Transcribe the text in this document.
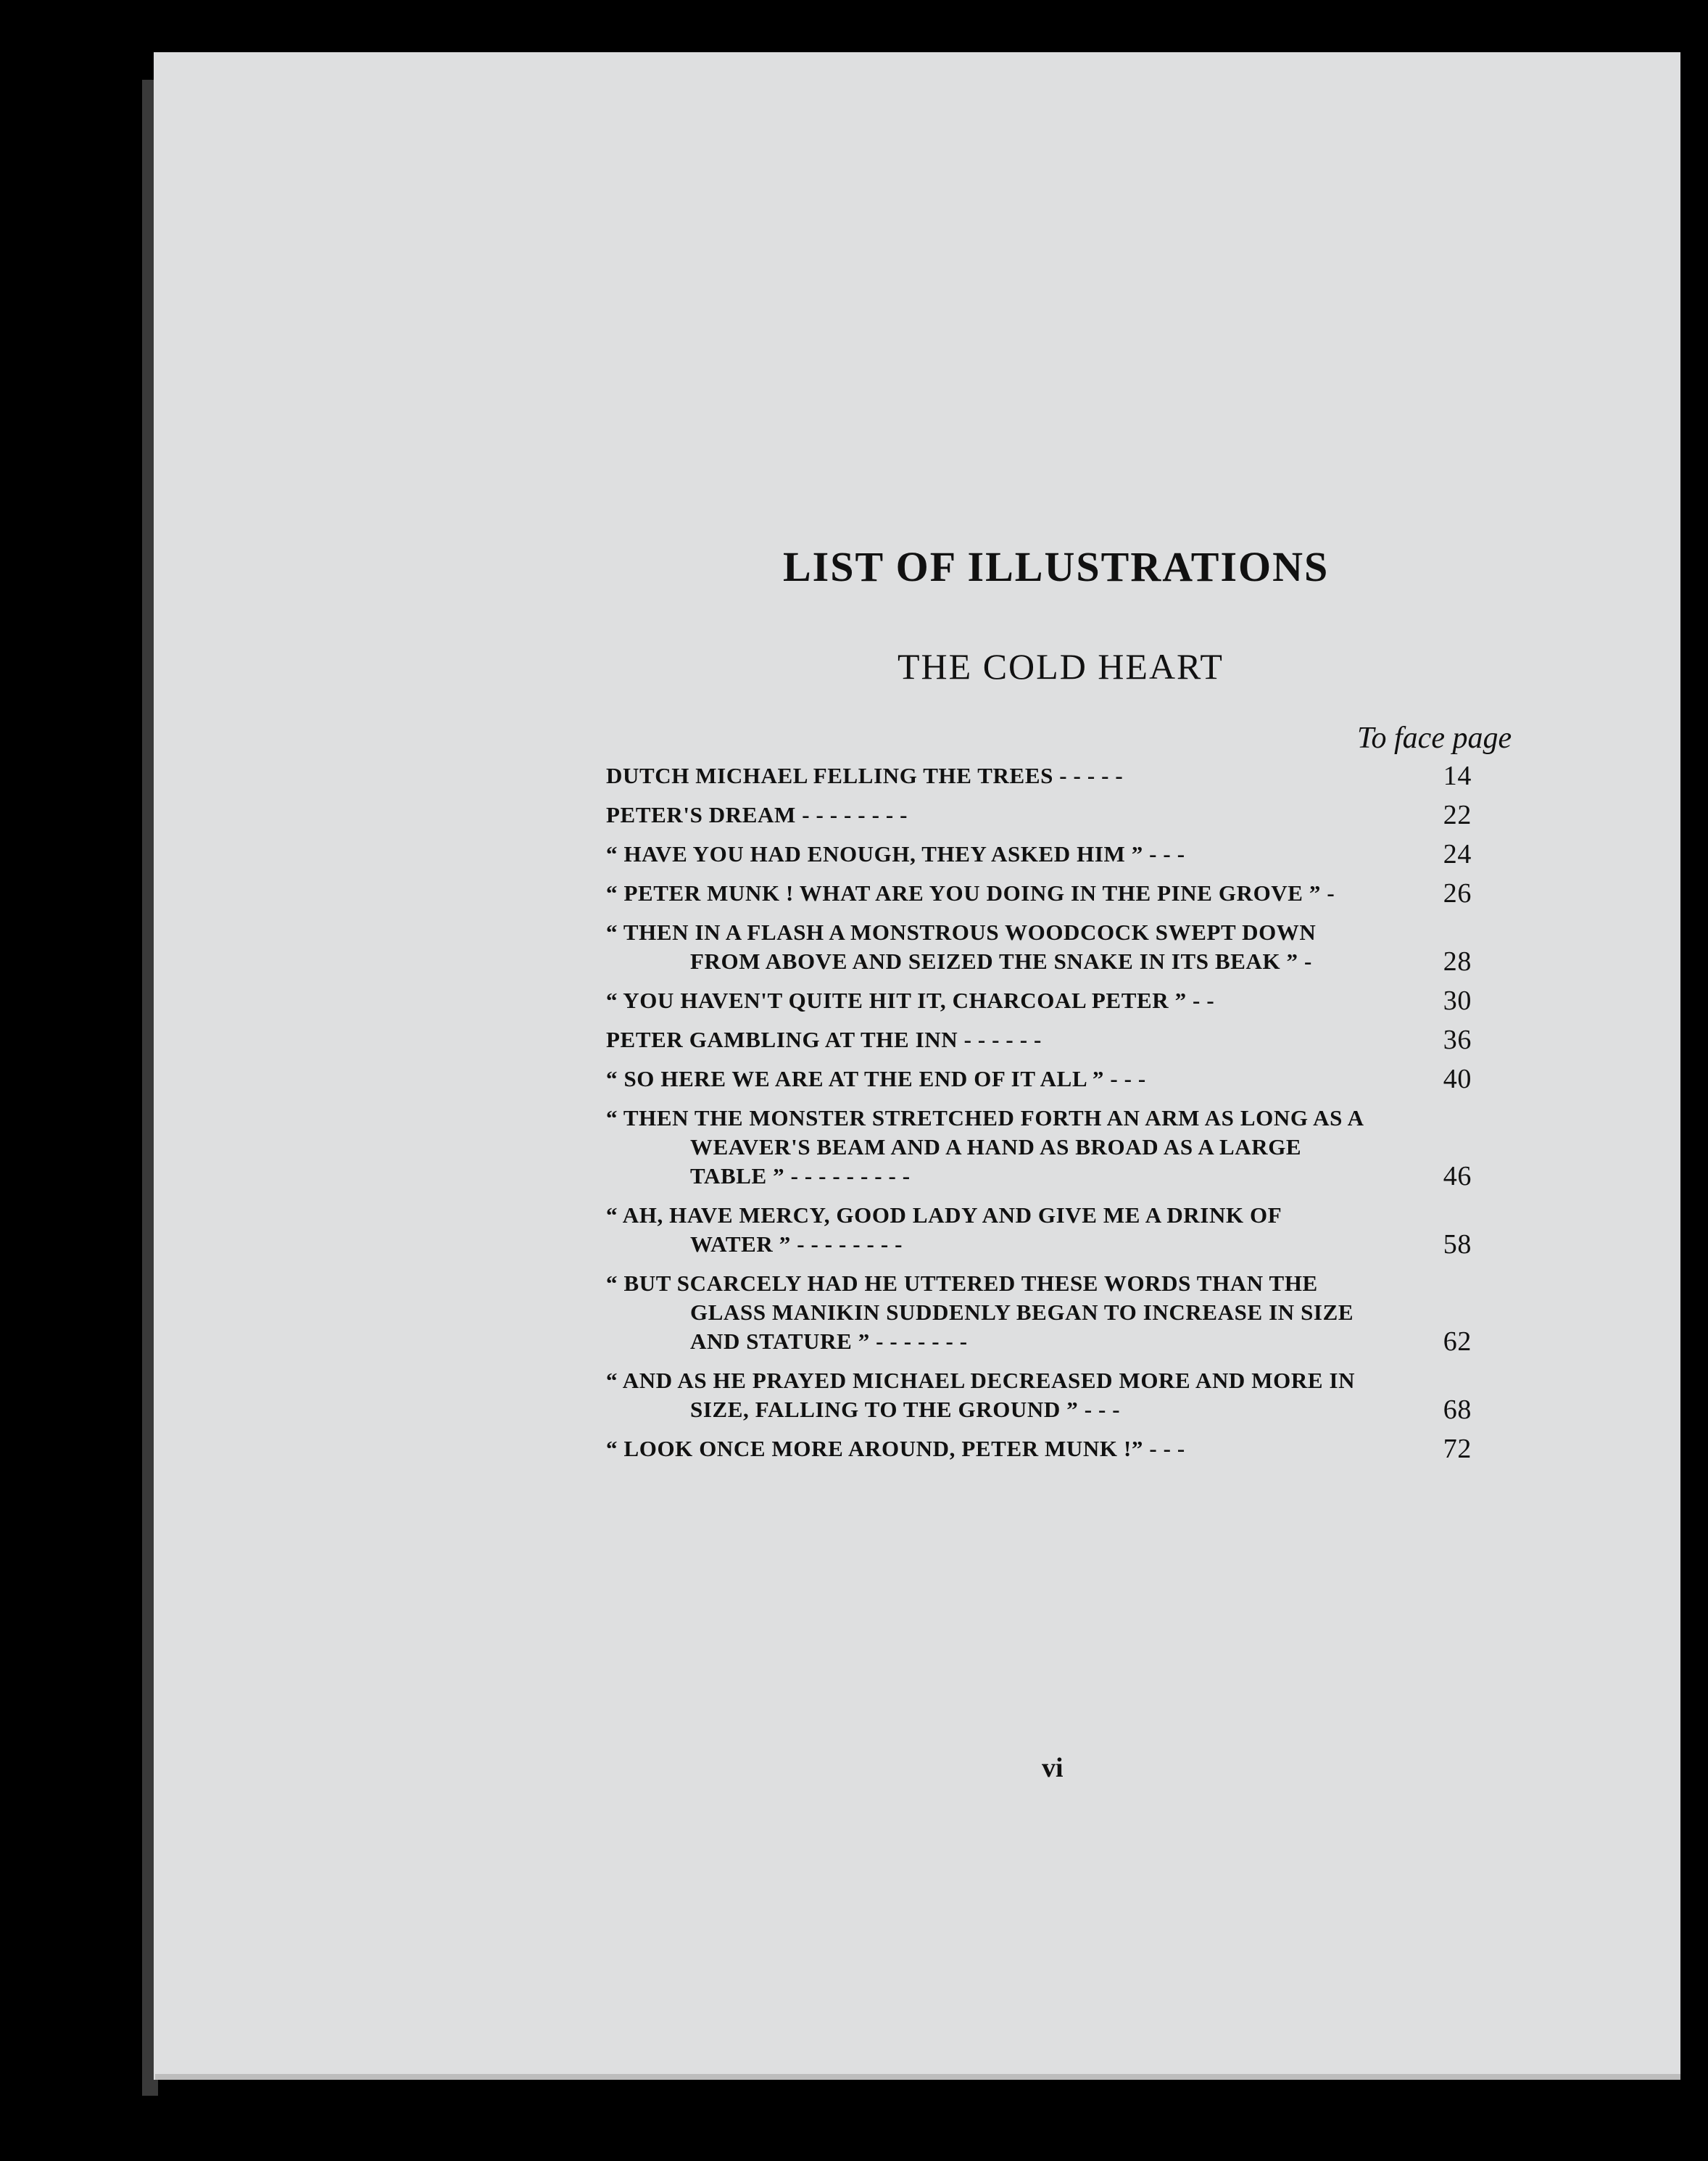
LIST OF ILLUSTRATIONS
THE COLD HEART
To face page
DUTCH MICHAEL FELLING THE TREES - - - - -	14
PETER'S DREAM - - - - - - - -	22
“ HAVE YOU HAD ENOUGH, THEY ASKED HIM ” - - -	24
“ PETER MUNK ! WHAT ARE YOU DOING IN THE PINE GROVE ” -	26
“ THEN IN A FLASH A MONSTROUS WOODCOCK SWEPT DOWN
FROM ABOVE AND SEIZED THE SNAKE IN ITS BEAK ” -	28
“ YOU HAVEN'T QUITE HIT IT, CHARCOAL PETER ” - -	30
PETER GAMBLING AT THE INN - - - - - -	36
“ SO HERE WE ARE AT THE END OF IT ALL ” - - -	40
“ THEN THE MONSTER STRETCHED FORTH AN ARM AS LONG AS A
WEAVER'S BEAM AND A HAND AS BROAD AS A LARGE
TABLE ” - - - - - - - - -	46
“ AH, HAVE MERCY, GOOD LADY AND GIVE ME A DRINK OF
WATER ” - - - - - - - -	58
“ BUT SCARCELY HAD HE UTTERED THESE WORDS THAN THE
GLASS MANIKIN SUDDENLY BEGAN TO INCREASE IN SIZE
AND STATURE ” - - - - - - -	62
“ AND AS HE PRAYED MICHAEL DECREASED MORE AND MORE IN
SIZE, FALLING TO THE GROUND ” - - -	68
“ LOOK ONCE MORE AROUND, PETER MUNK !” - - -	72
vi
